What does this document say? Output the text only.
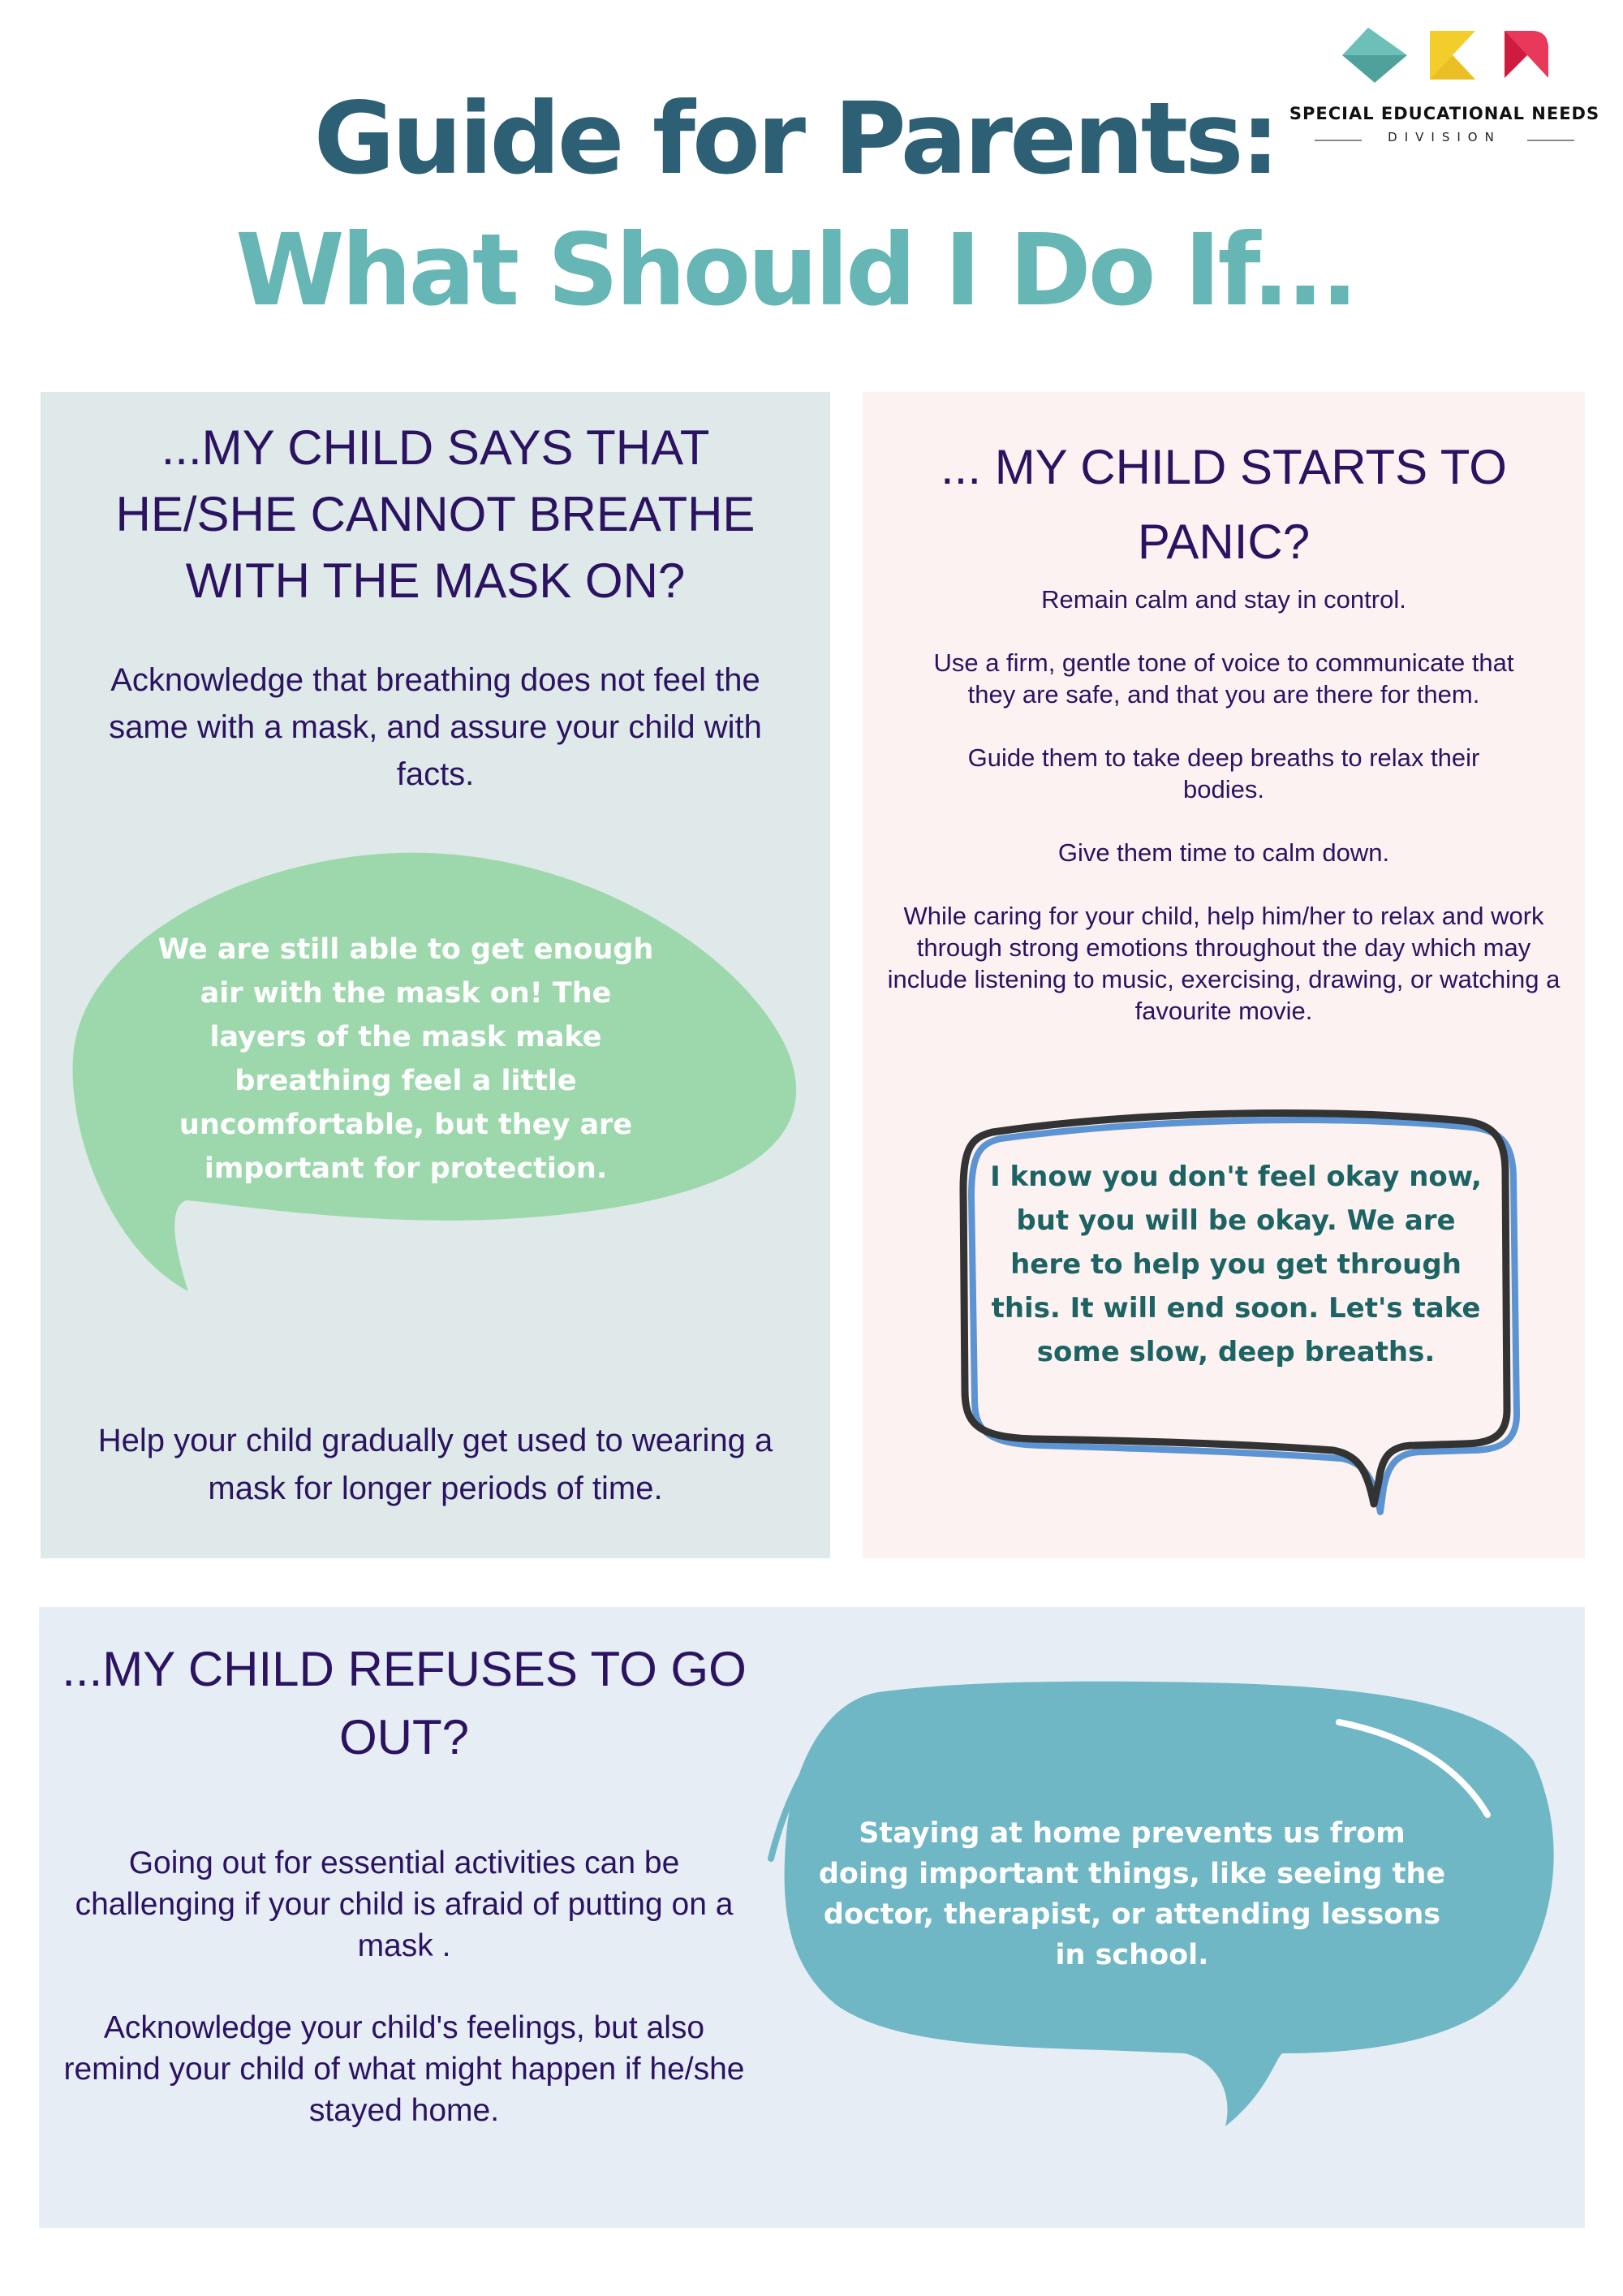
SPECIAL EDUCATIONAL NEEDS
DIVISION
Guide for Parents:
What Should I Do If...
...MY CHILD SAYS THAT
HE/SHE CANNOT BREATHE
WITH THE MASK ON?

Acknowledge that breathing does not feel the same with a mask, and assure your child with facts.

We are still able to get enough air with the mask on! The layers of the mask make breathing feel a little uncomfortable, but they are important for protection.

Help your child gradually get used to wearing a mask for longer periods of time.

... MY CHILD STARTS TO
PANIC?

Remain calm and stay in control.

Use a firm, gentle tone of voice to communicate that they are safe, and that you are there for them.

Guide them to take deep breaths to relax their bodies.

Give them time to calm down.

While caring for your child, help him/her to relax and work through strong emotions throughout the day which may include listening to music, exercising, drawing, or watching a favourite movie.

I know you don't feel okay now, but you will be okay. We are here to help you get through this. It will end soon. Let's take some slow, deep breaths.

...MY CHILD REFUSES TO GO
OUT?

Going out for essential activities can be challenging if your child is afraid of putting on a mask .

Acknowledge your child's feelings, but also remind your child of what might happen if he/she stayed home.

Staying at home prevents us from doing important things, like seeing the doctor, therapist, or attending lessons in school.
